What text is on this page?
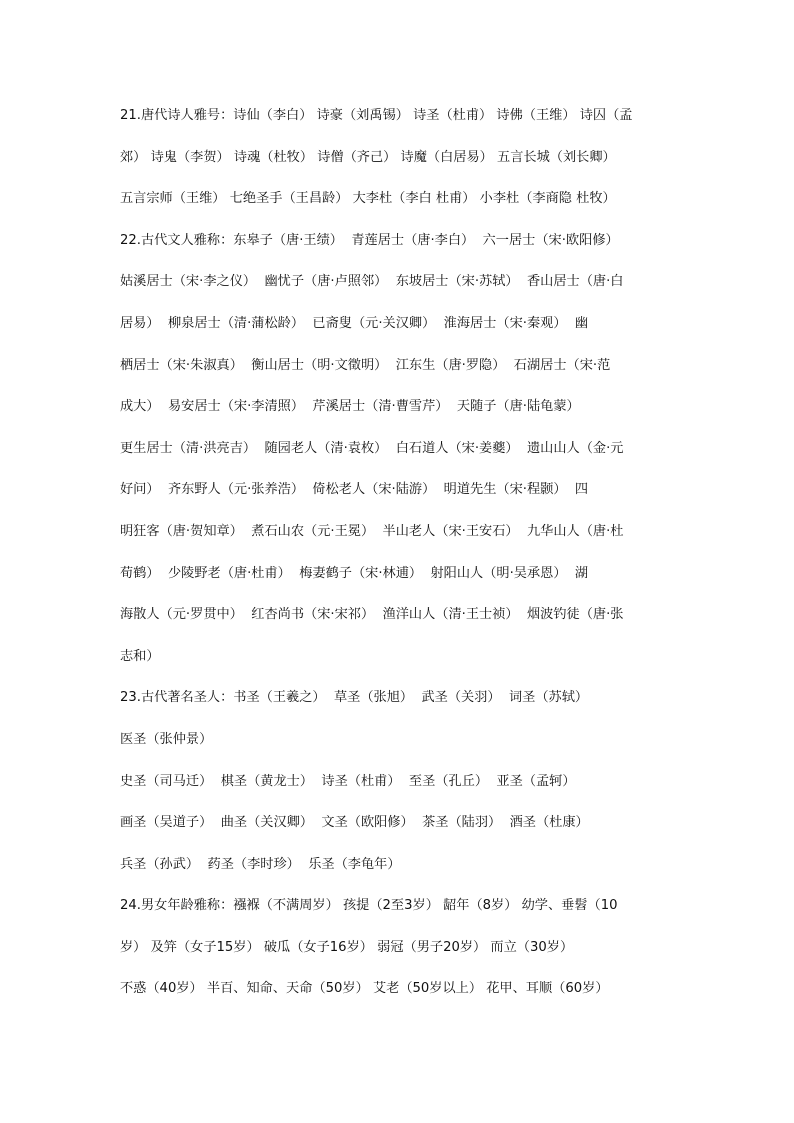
21.唐代诗人雅号：诗仙（李白） 诗豪（刘禹锡） 诗圣（杜甫） 诗佛（王维） 诗囚（孟
郊） 诗鬼（李贺） 诗魂（杜牧） 诗僧（齐己） 诗魔（白居易） 五言长城（刘长卿）
五言宗师（王维） 七绝圣手（王昌龄） 大李杜（李白 杜甫） 小李杜（李商隐 杜牧）
22.古代文人雅称：东皋子（唐·王绩）  青莲居士（唐·李白）  六一居士（宋·欧阳修）
姑溪居士（宋·李之仪）  幽忧子（唐·卢照邻）  东坡居士（宋·苏轼）  香山居士（唐·白
居易）  柳泉居士（清·蒲松龄）  已斋叟（元·关汉卿）  淮海居士（宋·秦观）  幽
栖居士（宋·朱淑真）  衡山居士（明·文徵明）  江东生（唐·罗隐）  石湖居士（宋·范
成大）  易安居士（宋·李清照）  芹溪居士（清·曹雪芹）  天随子（唐·陆龟蒙）
更生居士（清·洪亮吉）  随园老人（清·袁枚）  白石道人（宋·姜夔）  遗山山人（金·元
好问）  齐东野人（元·张养浩）  倚松老人（宋·陆游）  明道先生（宋·程颢）  四
明狂客（唐·贺知章）  煮石山农（元·王冕）  半山老人（宋·王安石）  九华山人（唐·杜
荀鹤）  少陵野老（唐·杜甫）  梅妻鹤子（宋·林逋）  射阳山人（明·吴承恩）  湖
海散人（元·罗贯中）  红杏尚书（宋·宋祁）  渔洋山人（清·王士祯）  烟波钓徒（唐·张
志和）
23.古代著名圣人：书圣（王羲之）  草圣（张旭）  武圣（关羽）  词圣（苏轼）
医圣（张仲景）
史圣（司马迁）  棋圣（黄龙士）  诗圣（杜甫）  至圣（孔丘）  亚圣（孟轲）
画圣（吴道子）  曲圣（关汉卿）  文圣（欧阳修）  茶圣（陆羽）  酒圣（杜康）
兵圣（孙武）  药圣（李时珍）  乐圣（李龟年）
24.男女年龄雅称：襁褓（不满周岁） 孩提（2至3岁） 龆年（8岁） 幼学、垂髫（10
岁） 及笄（女子15岁） 破瓜（女子16岁） 弱冠（男子20岁） 而立（30岁）
不惑（40岁） 半百、知命、天命（50岁） 艾老（50岁以上） 花甲、耳顺（60岁）
